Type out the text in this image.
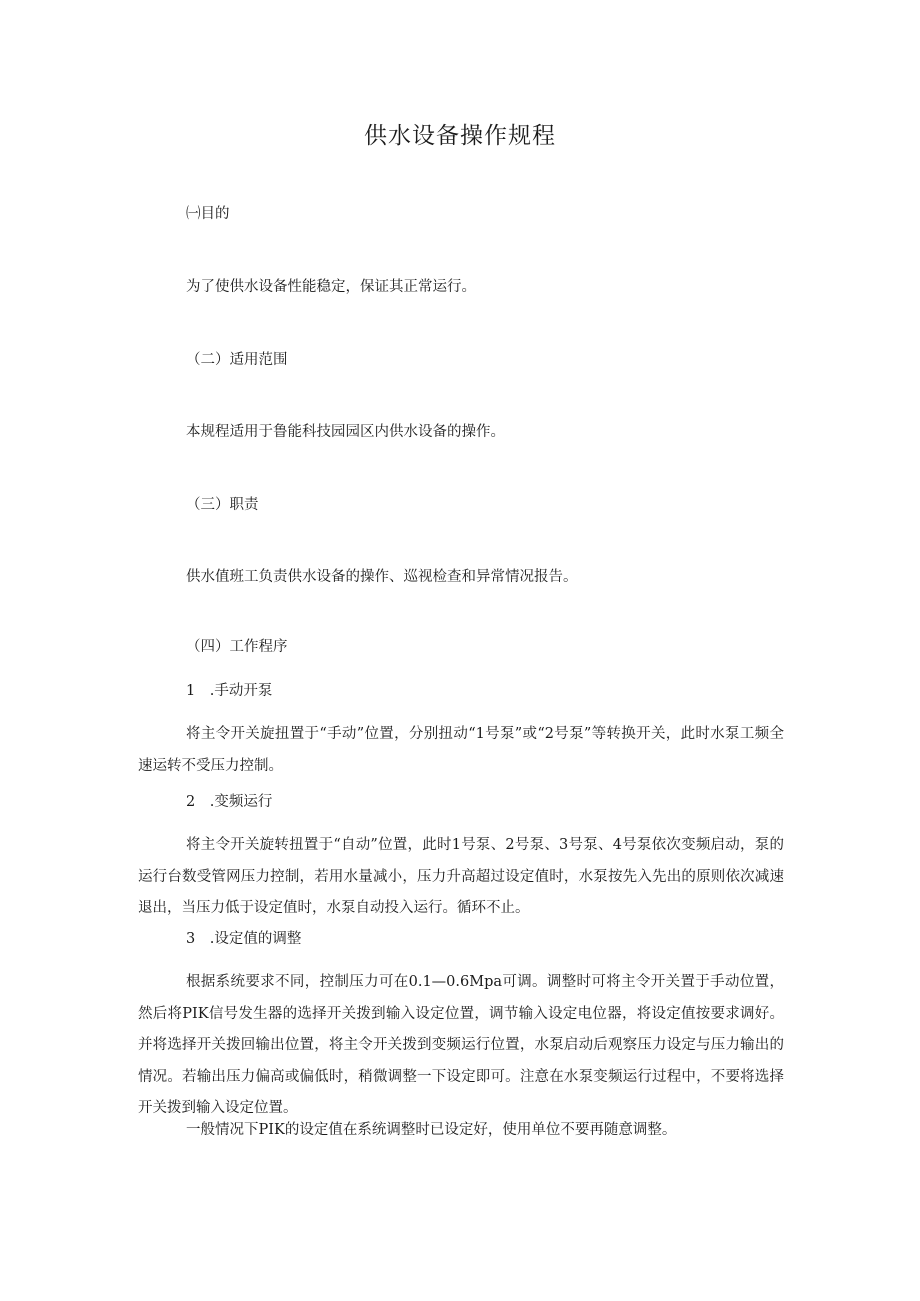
供水设备操作规程
㈠目的
为了使供水设备性能稳定，保证其正常运行。
（二）适用范围
本规程适用于鲁能科技园园区内供水设备的操作。
（三）职责
供水值班工负责供水设备的操作、巡视检查和异常情况报告。
（四）工作程序
1　.手动开泵
将主令开关旋扭置于“手动”位置，分别扭动“1号泵”或“2号泵”等转换开关，此时水泵工频全速运转不受压力控制。
2　.变频运行
将主令开关旋转扭置于“自动”位置，此时1号泵、2号泵、3号泵、4号泵依次变频启动，泵的运行台数受管网压力控制，若用水量减小，压力升高超过设定值时，水泵按先入先出的原则依次减速退出，当压力低于设定值时，水泵自动投入运行。循环不止。
3　.设定值的调整
根据系统要求不同，控制压力可在0.1—0.6Mpa可调。调整时可将主令开关置于手动位置，然后将PIK信号发生器的选择开关拨到输入设定位置，调节输入设定电位器，将设定值按要求调好。并将选择开关拨回输出位置，将主令开关拨到变频运行位置，水泵启动后观察压力设定与压力输出的情况。若输出压力偏高或偏低时，稍微调整一下设定即可。注意在水泵变频运行过程中，不要将选择开关拨到输入设定位置。
一般情况下PIK的设定值在系统调整时已设定好，使用单位不要再随意调整。
